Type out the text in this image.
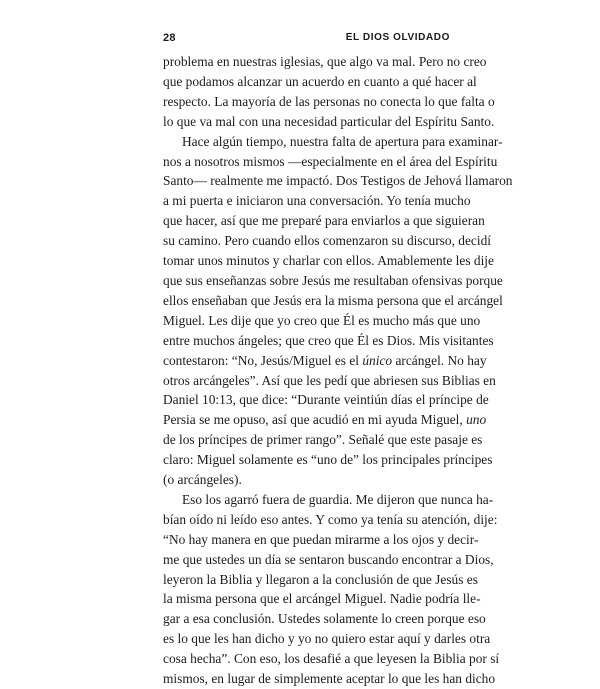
28	EL DIOS OLVIDADO
problema en nuestras iglesias, que algo va mal. Pero no creo
que podamos alcanzar un acuerdo en cuanto a qué hacer al
respecto. La mayoría de las personas no conecta lo que falta o
lo que va mal con una necesidad particular del Espíritu Santo.
Hace algún tiempo, nuestra falta de apertura para examinar-
nos a nosotros mismos —especialmente en el área del Espíritu
Santo— realmente me impactó. Dos Testigos de Jehová llamaron
a mi puerta e iniciaron una conversación. Yo tenía mucho
que hacer, así que me preparé para enviarlos a que siguieran
su camino. Pero cuando ellos comenzaron su discurso, decidí
tomar unos minutos y charlar con ellos. Amablemente les dije
que sus enseñanzas sobre Jesús me resultaban ofensivas porque
ellos enseñaban que Jesús era la misma persona que el arcángel
Miguel. Les dije que yo creo que Él es mucho más que uno
entre muchos ángeles; que creo que Él es Dios. Mis visitantes
contestaron: “No, Jesús/Miguel es el único arcángel. No hay
otros arcángeles”. Así que les pedí que abriesen sus Biblias en
Daniel 10:13, que dice: “Durante veintiún días el príncipe de
Persia se me opuso, así que acudió en mi ayuda Miguel, uno
de los príncipes de primer rango”. Señalé que este pasaje es
claro: Miguel solamente es “uno de” los principales príncipes
(o arcángeles).
Eso los agarró fuera de guardia. Me dijeron que nunca ha-
bían oído ni leído eso antes. Y como ya tenía su atención, dije:
“No hay manera en que puedan mirarme a los ojos y decir-
me que ustedes un día se sentaron buscando encontrar a Dios,
leyeron la Biblia y llegaron a la conclusión de que Jesús es
la misma persona que el arcángel Miguel. Nadie podría lle-
gar a esa conclusión. Ustedes solamente lo creen porque eso
es lo que les han dicho y yo no quiero estar aquí y darles otra
cosa hecha”. Con eso, los desafié a que leyesen la Biblia por sí
mismos, en lugar de simplemente aceptar lo que les han dicho
